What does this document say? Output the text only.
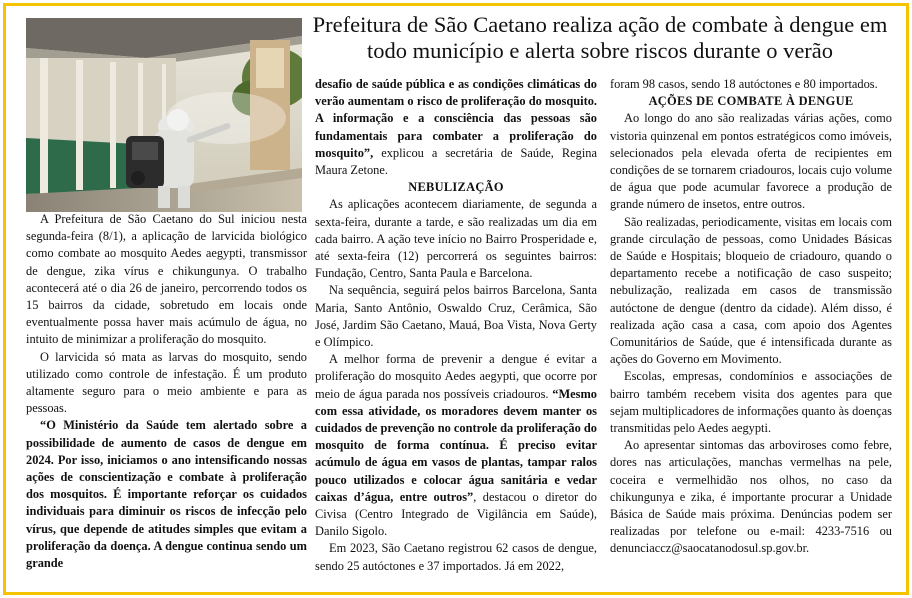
Prefeitura de São Caetano realiza ação de combate à dengue em todo município e alerta sobre riscos durante o verão

A Prefeitura de São Caetano do Sul iniciou nesta segunda-feira (8/1), a aplicação de larvicida biológico como combate ao mosquito Aedes aegypti, transmissor de dengue, zika vírus e chikungunya. O trabalho acontecerá até o dia 26 de janeiro, percorrendo todos os 15 bairros da cidade, sobretudo em locais onde eventualmente possa haver mais acúmulo de água, no intuito de minimizar a proliferação do mosquito.

O larvicida só mata as larvas do mosquito, sendo utilizado como controle de infestação. É um produto altamente seguro para o meio ambiente e para as pessoas.

“O Ministério da Saúde tem alertado sobre a possibilidade de aumento de casos de dengue em 2024. Por isso, iniciamos o ano intensificando nossas ações de conscientização e combate à proliferação dos mosquitos. É importante reforçar os cuidados individuais para diminuir os riscos de infecção pelo vírus, que depende de atitudes simples que evitam a proliferação da doença. A dengue continua sendo um grande

desafio de saúde pública e as condições climáticas do verão aumentam o risco de proliferação do mosquito. A informação e a consciência das pessoas são fundamentais para combater a proliferação do mosquito”, explicou a secretária de Saúde, Regina Maura Zetone.

NEBULIZAÇÃO

As aplicações acontecem diariamente, de segunda a sexta-feira, durante a tarde, e são realizadas um dia em cada bairro. A ação teve início no Bairro Prosperidade e, até sexta-feira (12) percorrerá os seguintes bairros: Fundação, Centro, Santa Paula e Barcelona.

Na sequência, seguirá pelos bairros Barcelona, Santa Maria, Santo Antônio, Oswaldo Cruz, Cerâmica, São José, Jardim São Caetano, Mauá, Boa Vista, Nova Gerty e Olímpico.

A melhor forma de prevenir a dengue é evitar a proliferação do mosquito Aedes aegypti, que ocorre por meio de água parada nos possíveis criadouros. “Mesmo com essa atividade, os moradores devem manter os cuidados de prevenção no controle da proliferação do mosquito de forma contínua. É preciso evitar acúmulo de água em vasos de plantas, tampar ralos pouco utilizados e colocar água sanitária e vedar caixas d’água, entre outros”, destacou o diretor do Civisa (Centro Integrado de Vigilância em Saúde), Danilo Sigolo.

Em 2023, São Caetano registrou 62 casos de dengue, sendo 25 autóctones e 37 importados. Já em 2022,

foram 98 casos, sendo 18 autóctones e 80 importados.

AÇÕES DE COMBATE À DENGUE

Ao longo do ano são realizadas várias ações, como vistoria quinzenal em pontos estratégicos como imóveis, selecionados pela elevada oferta de recipientes em condições de se tornarem criadouros, locais cujo volume de água que pode acumular favorece a produção de grande número de insetos, entre outros.

São realizadas, periodicamente, visitas em locais com grande circulação de pessoas, como Unidades Básicas de Saúde e Hospitais; bloqueio de criadouro, quando o departamento recebe a notificação de caso suspeito; nebulização, realizada em casos de transmissão autóctone de dengue (dentro da cidade). Além disso, é realizada ação casa a casa, com apoio dos Agentes Comunitários de Saúde, que é intensificada durante as ações do Governo em Movimento.

Escolas, empresas, condomínios e associações de bairro também recebem visita dos agentes para que sejam multiplicadores de informações quanto às doenças transmitidas pelo Aedes aegypti.

Ao apresentar sintomas das arboviroses como febre, dores nas articulações, manchas vermelhas na pele, coceira e vermelhidão nos olhos, no caso da chikungunya e zika, é importante procurar a Unidade Básica de Saúde mais próxima. Denúncias podem ser realizadas por telefone ou e-mail: 4233-7516 ou denunciaccz@saocatanodosul.sp.gov.br.
